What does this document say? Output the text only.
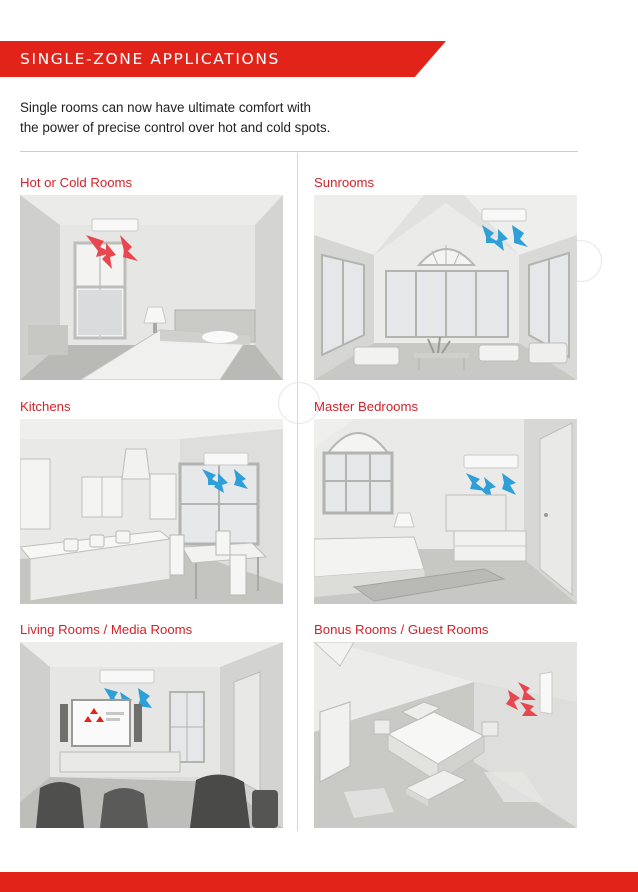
SINGLE-ZONE APPLICATIONS
Single rooms can now have ultimate comfort with
the power of precise control over hot and cold spots.
Hot or Cold Rooms	Sunrooms
Kitchens	Master Bedrooms
Living Rooms / Media Rooms	Bonus Rooms / Guest Rooms
